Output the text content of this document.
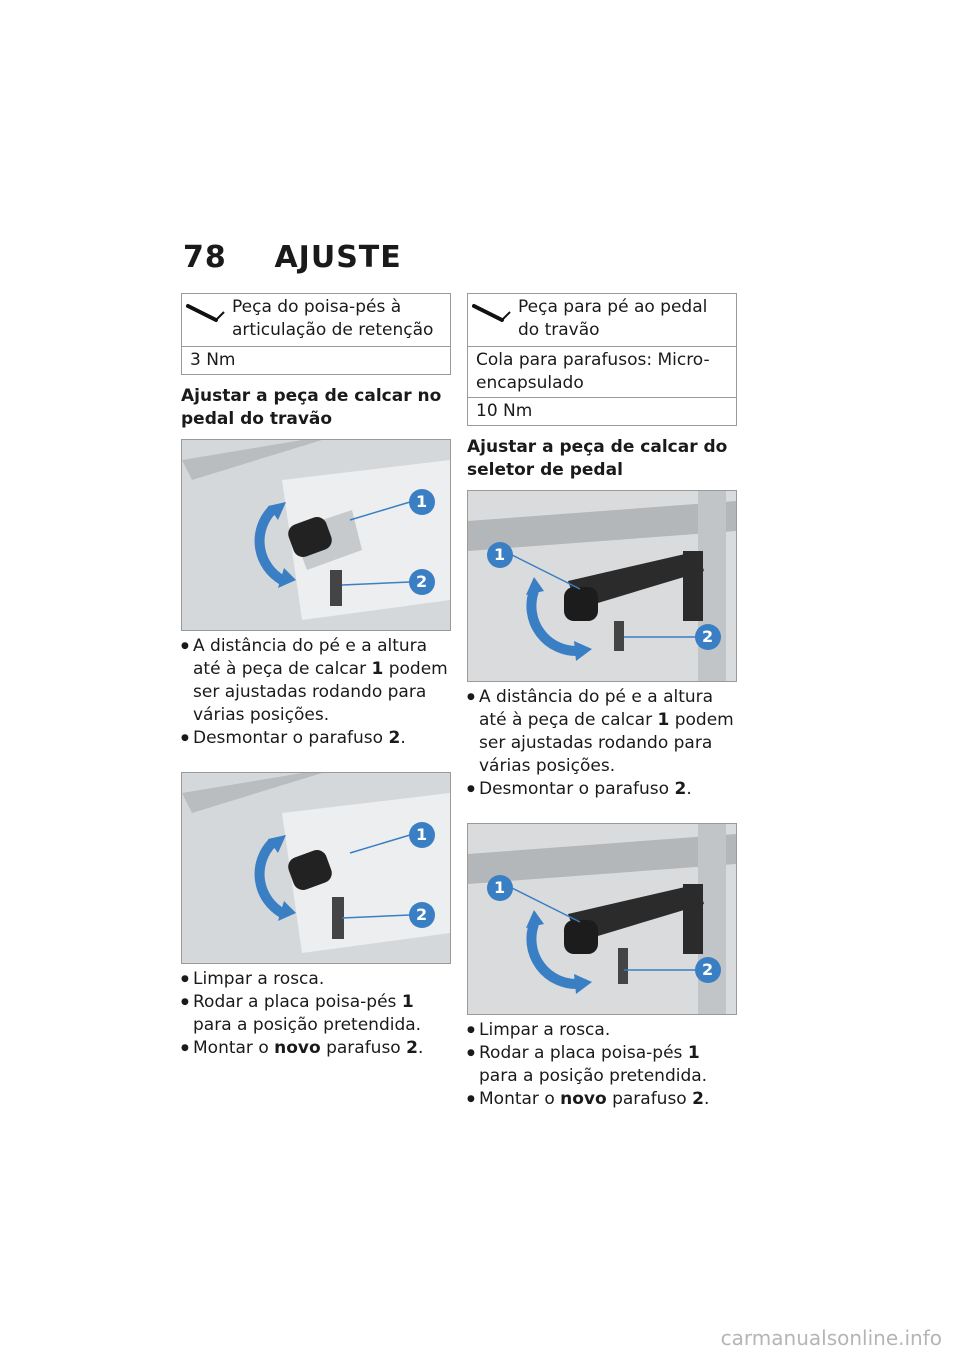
78 AJUSTE
Peça do poisa-pés à articulação de retenção
3 Nm
Ajustar a peça de calcar no pedal do travão
1
2
● A distância do pé e a altura até à peça de calcar 1 podem ser ajustadas rodando para várias posições.
● Desmontar o parafuso 2.
1
2
● Limpar a rosca.
● Rodar a placa poisa-pés 1 para a posição pretendida.
● Montar o novo parafuso 2.
Peça para pé ao pedal do travão
Cola para parafusos: Micro-encapsulado
10 Nm
Ajustar a peça de calcar do seletor de pedal
1
2
● A distância do pé e a altura até à peça de calcar 1 podem ser ajustadas rodando para várias posições.
● Desmontar o parafuso 2.
1
2
● Limpar a rosca.
● Rodar a placa poisa-pés 1 para a posição pretendida.
● Montar o novo parafuso 2.
carmanualsonline.info
